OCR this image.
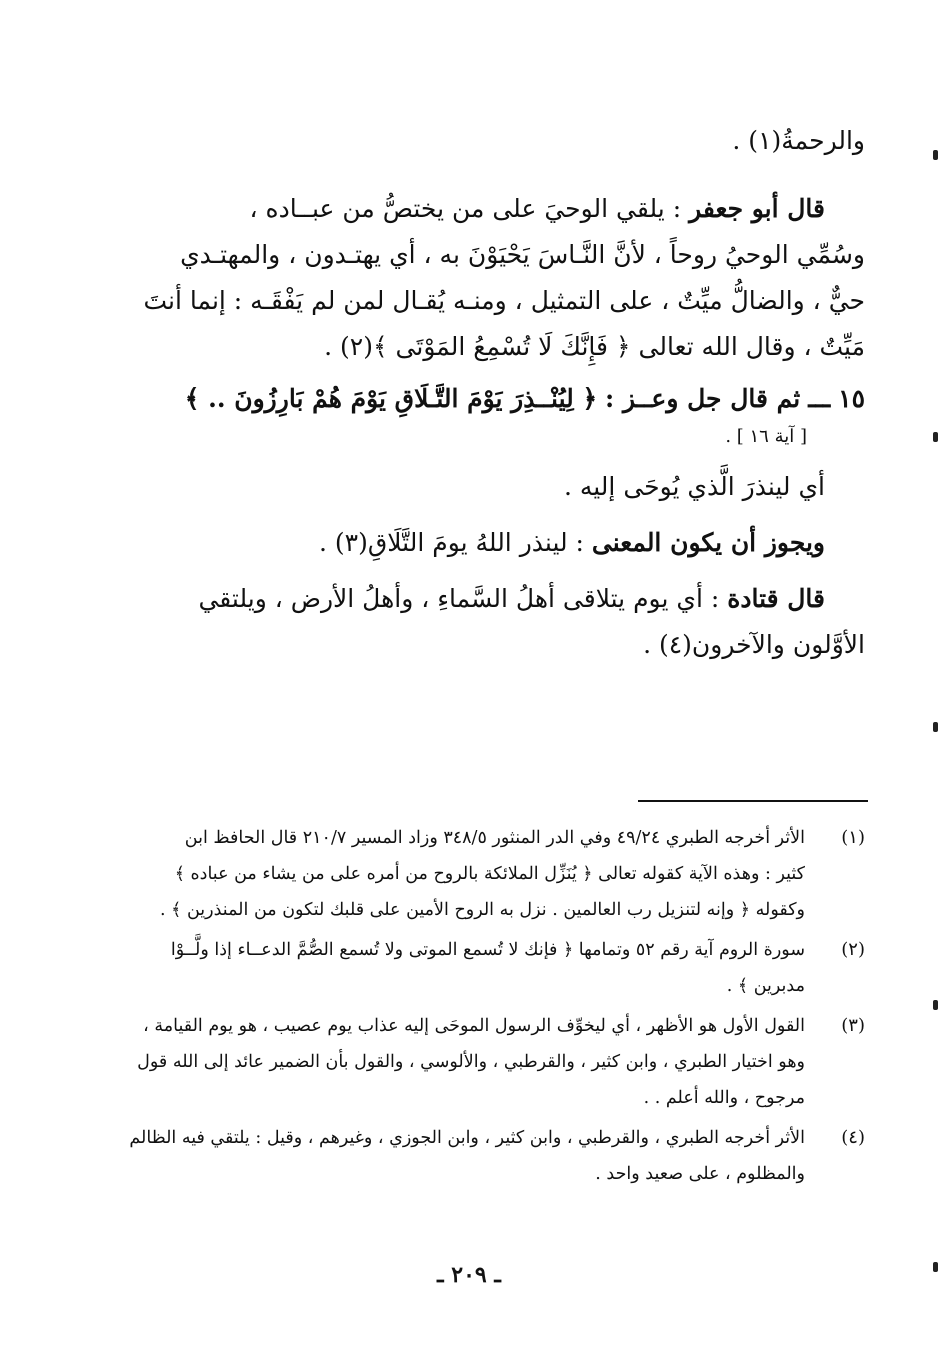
والرحمةُ(١) .
قال أبو جعفر : يلقي الوحيَ على من يختصُّ من عبــاده ،
وسُمِّي الوحيُ روحاً ، لأنَّ النَّـاسَ يَحْيَوْنَ به ، أي يهتـدون ، والمهتـدي
حيٌّ ، والضالُّ ميِّتٌ ، على التمثيل ، ومنـه يُقـال لمن لم يَفْقَـه : إنما أنتَ
مَيِّتٌ ، وقال الله تعالى ﴿ فَإِنَّكَ لَا تُسْمِعُ المَوْتَى ﴾(٢) .
١٥ ـــ ثم قال جل وعــز : ﴿ لِيُنْــذِرَ يَوْمَ التَّـلَاقِ يَوْمَ هُمْ بَارِزُونَ .. ﴾
[ آية ١٦ ] .
أي لينذرَ الَّذي يُوحَى إليه .
ويجوز أن يكون المعنى : لينذر اللهُ يومَ التَّلَاقِ(٣) .
قال قتادة : أي يوم يتلاقى أهلُ السَّماءِ ، وأهلُ الأرض ، ويلتقي
الأوَّلون والآخرون(٤) .
(١)
الأثر أخرجه الطبري ٤٩/٢٤ وفي الدر المنثور ٣٤٨/٥ وزاد المسير ٢١٠/٧ قال الحافظ ابن
كثير : وهذه الآية كقوله تعالى ﴿ يُنَزِّل الملائكة بالروح من أمره على من يشاء من عباده ﴾
وكقوله ﴿ وإنه لتنزيل رب العالمين . نزل به الروح الأمين على قلبك لتكون من المنذرين ﴾ .
(٢)
سورة الروم آية رقم ٥٢ وتمامها ﴿ فإنك لا تُسمع الموتى ولا تُسمع الصُّمَّ الدعــاء إذا ولَّــوْا
مدبرين ﴾ .
(٣)
القول الأول هو الأظهر ، أي ليخوِّف الرسول الموحَى إليه عذاب يوم عصيب ، هو يوم القيامة ،
وهو اختيار الطبري ، وابن كثير ، والقرطبي ، والألوسي ، والقول بأن الضمير عائد إلى الله قول
مرجوح ، والله أعلم . .
(٤)
الأثر أخرجه الطبري ، والقرطبي ، وابن كثير ، وابن الجوزي ، وغيرهم ، وقيل : يلتقي فيه الظالم
والمظلوم ، على صعيد واحد .
ـ ٢٠٩ ـ
